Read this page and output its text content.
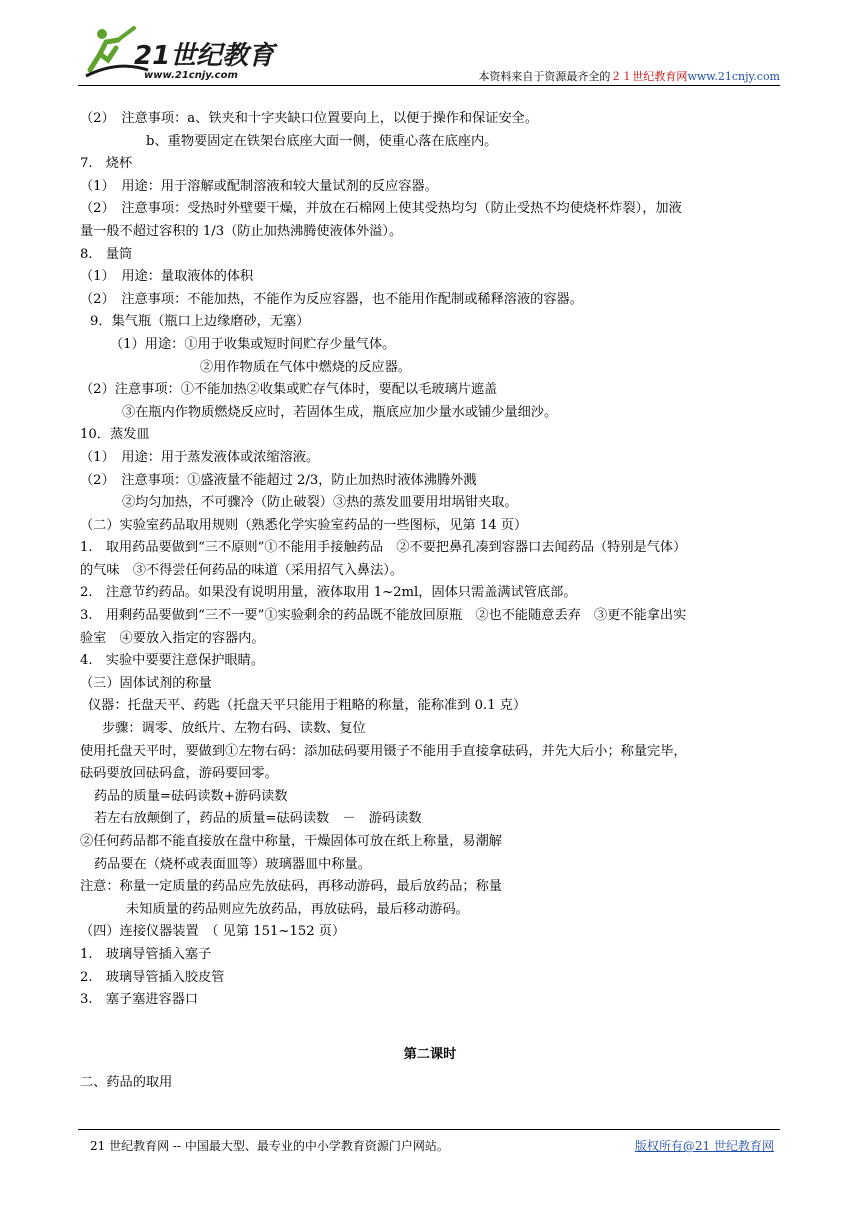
21世纪教育
www.21cnjy.com	本资料来自于资源最齐全的２１世纪教育网www.21cnjy.com
（2）　注意事项：a、铁夹和十字夹缺口位置要向上，以便于操作和保证安全。
b、重物要固定在铁架台底座大面一侧，使重心落在底座内。
7.　烧杯
（1）　用途：用于溶解或配制溶液和较大量试剂的反应容器。
（2）　注意事项：受热时外壁要干燥，并放在石棉网上使其受热均匀（防止受热不均使烧杯炸裂），加液
量一般不超过容积的 1/3（防止加热沸腾使液体外溢）。
8.　量筒
（1）　用途：量取液体的体积
（2）　注意事项：不能加热，不能作为反应容器，也不能用作配制或稀释溶液的容器。
9．集气瓶（瓶口上边缘磨砂，无塞）
（1）用途：①用于收集或短时间贮存少量气体。
②用作物质在气体中燃烧的反应器。
（2）注意事项：①不能加热②收集或贮存气体时，要配以毛玻璃片遮盖
③在瓶内作物质燃烧反应时，若固体生成，瓶底应加少量水或铺少量细沙。
10．蒸发皿
（1）　用途：用于蒸发液体或浓缩溶液。
（2）　注意事项：①盛液量不能超过 2/3，防止加热时液体沸腾外溅
②均匀加热，不可骤冷（防止破裂）③热的蒸发皿要用坩埚钳夹取。
（二）实验室药品取用规则（熟悉化学实验室药品的一些图标，见第 14 页）
1.　取用药品要做到“三不原则”①不能用手接触药品　②不要把鼻孔凑到容器口去闻药品（特别是气体）
的气味　③不得尝任何药品的味道（采用招气入鼻法）。
2.　注意节约药品。如果没有说明用量，液体取用 1~2ml，固体只需盖满试管底部。
3.　用剩药品要做到“三不一要”①实验剩余的药品既不能放回原瓶　②也不能随意丢弃　③更不能拿出实
验室　④要放入指定的容器内。
4.　实验中要要注意保护眼睛。
（三）固体试剂的称量
仪器：托盘天平、药匙（托盘天平只能用于粗略的称量，能称准到 0.1 克）
步骤：调零、放纸片、左物右码、读数、复位
使用托盘天平时，要做到①左物右码：添加砝码要用镊子不能用手直接拿砝码，并先大后小；称量完毕，
砝码要放回砝码盒，游码要回零。
药品的质量=砝码读数+游码读数
若左右放颠倒了，药品的质量=砝码读数　－　游码读数
②任何药品都不能直接放在盘中称量，干燥固体可放在纸上称量，易潮解
药品要在（烧杯或表面皿等）玻璃器皿中称量。
注意：称量一定质量的药品应先放砝码，再移动游码，最后放药品；称量
未知质量的药品则应先放药品，再放砝码，最后移动游码。
（四）连接仪器装置　（ 见第 151~152 页）
1.　玻璃导管插入塞子
2.　玻璃导管插入胶皮管
3.　塞子塞进容器口
第二课时
二、药品的取用
21 世纪教育网 -- 中国最大型、最专业的中小学教育资源门户网站。	版权所有@21 世纪教育网
